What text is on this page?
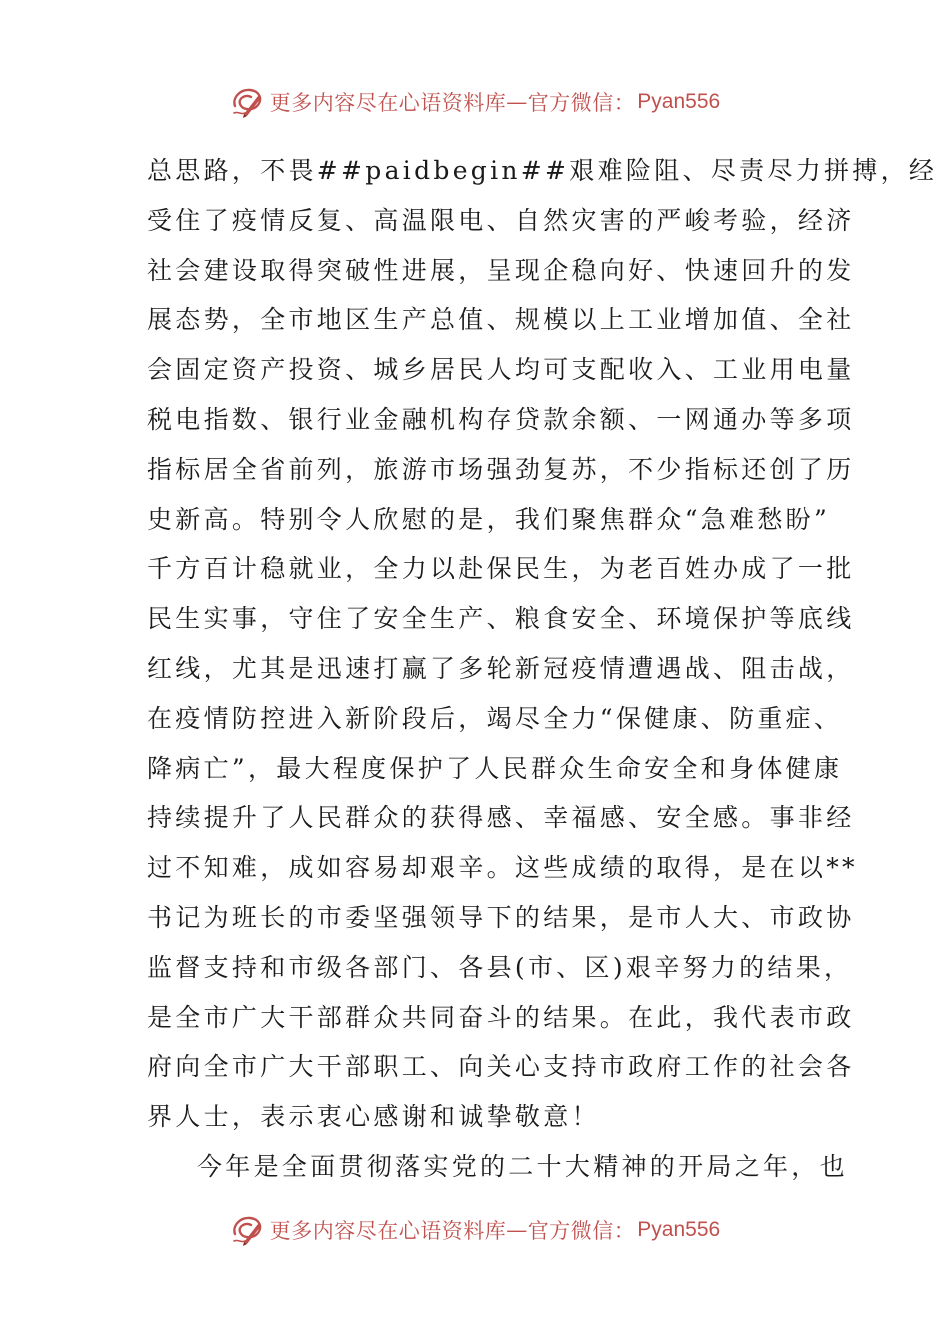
更多内容尽在心语资料库 — 官方微信： Pyan556
总思路，不畏##paidbegin##艰难险阻、尽责尽力拼搏，经
受住了疫情反复、高温限电、自然灾害的严峻考验，经济
社会建设取得突破性进展，呈现企稳向好、快速回升的发
展态势，全市地区生产总值、规模以上工业增加值、全社
会固定资产投资、城乡居民人均可支配收入、工业用电量
税电指数、银行业金融机构存贷款余额、一网通办等多项
指标居全省前列，旅游市场强劲复苏，不少指标还创了历
史新高。特别令人欣慰的是，我们聚焦群众“急难愁盼”
千方百计稳就业，全力以赴保民生，为老百姓办成了一批
民生实事，守住了安全生产、粮食安全、环境保护等底线
红线，尤其是迅速打赢了多轮新冠疫情遭遇战、阻击战，
在疫情防控进入新阶段后，竭尽全力“保健康、防重症、
降病亡”，最大程度保护了人民群众生命安全和身体健康
持续提升了人民群众的获得感、幸福感、安全感。事非经
过不知难，成如容易却艰辛。这些成绩的取得，是在以**
书记为班长的市委坚强领导下的结果，是市人大、市政协
监督支持和市级各部门、各县(市、区)艰辛努力的结果，
是全市广大干部群众共同奋斗的结果。在此，我代表市政
府向全市广大干部职工、向关心支持市政府工作的社会各
界人士，表示衷心感谢和诚挚敬意！
今年是全面贯彻落实党的二十大精神的开局之年，也
更多内容尽在心语资料库 — 官方微信： Pyan556
